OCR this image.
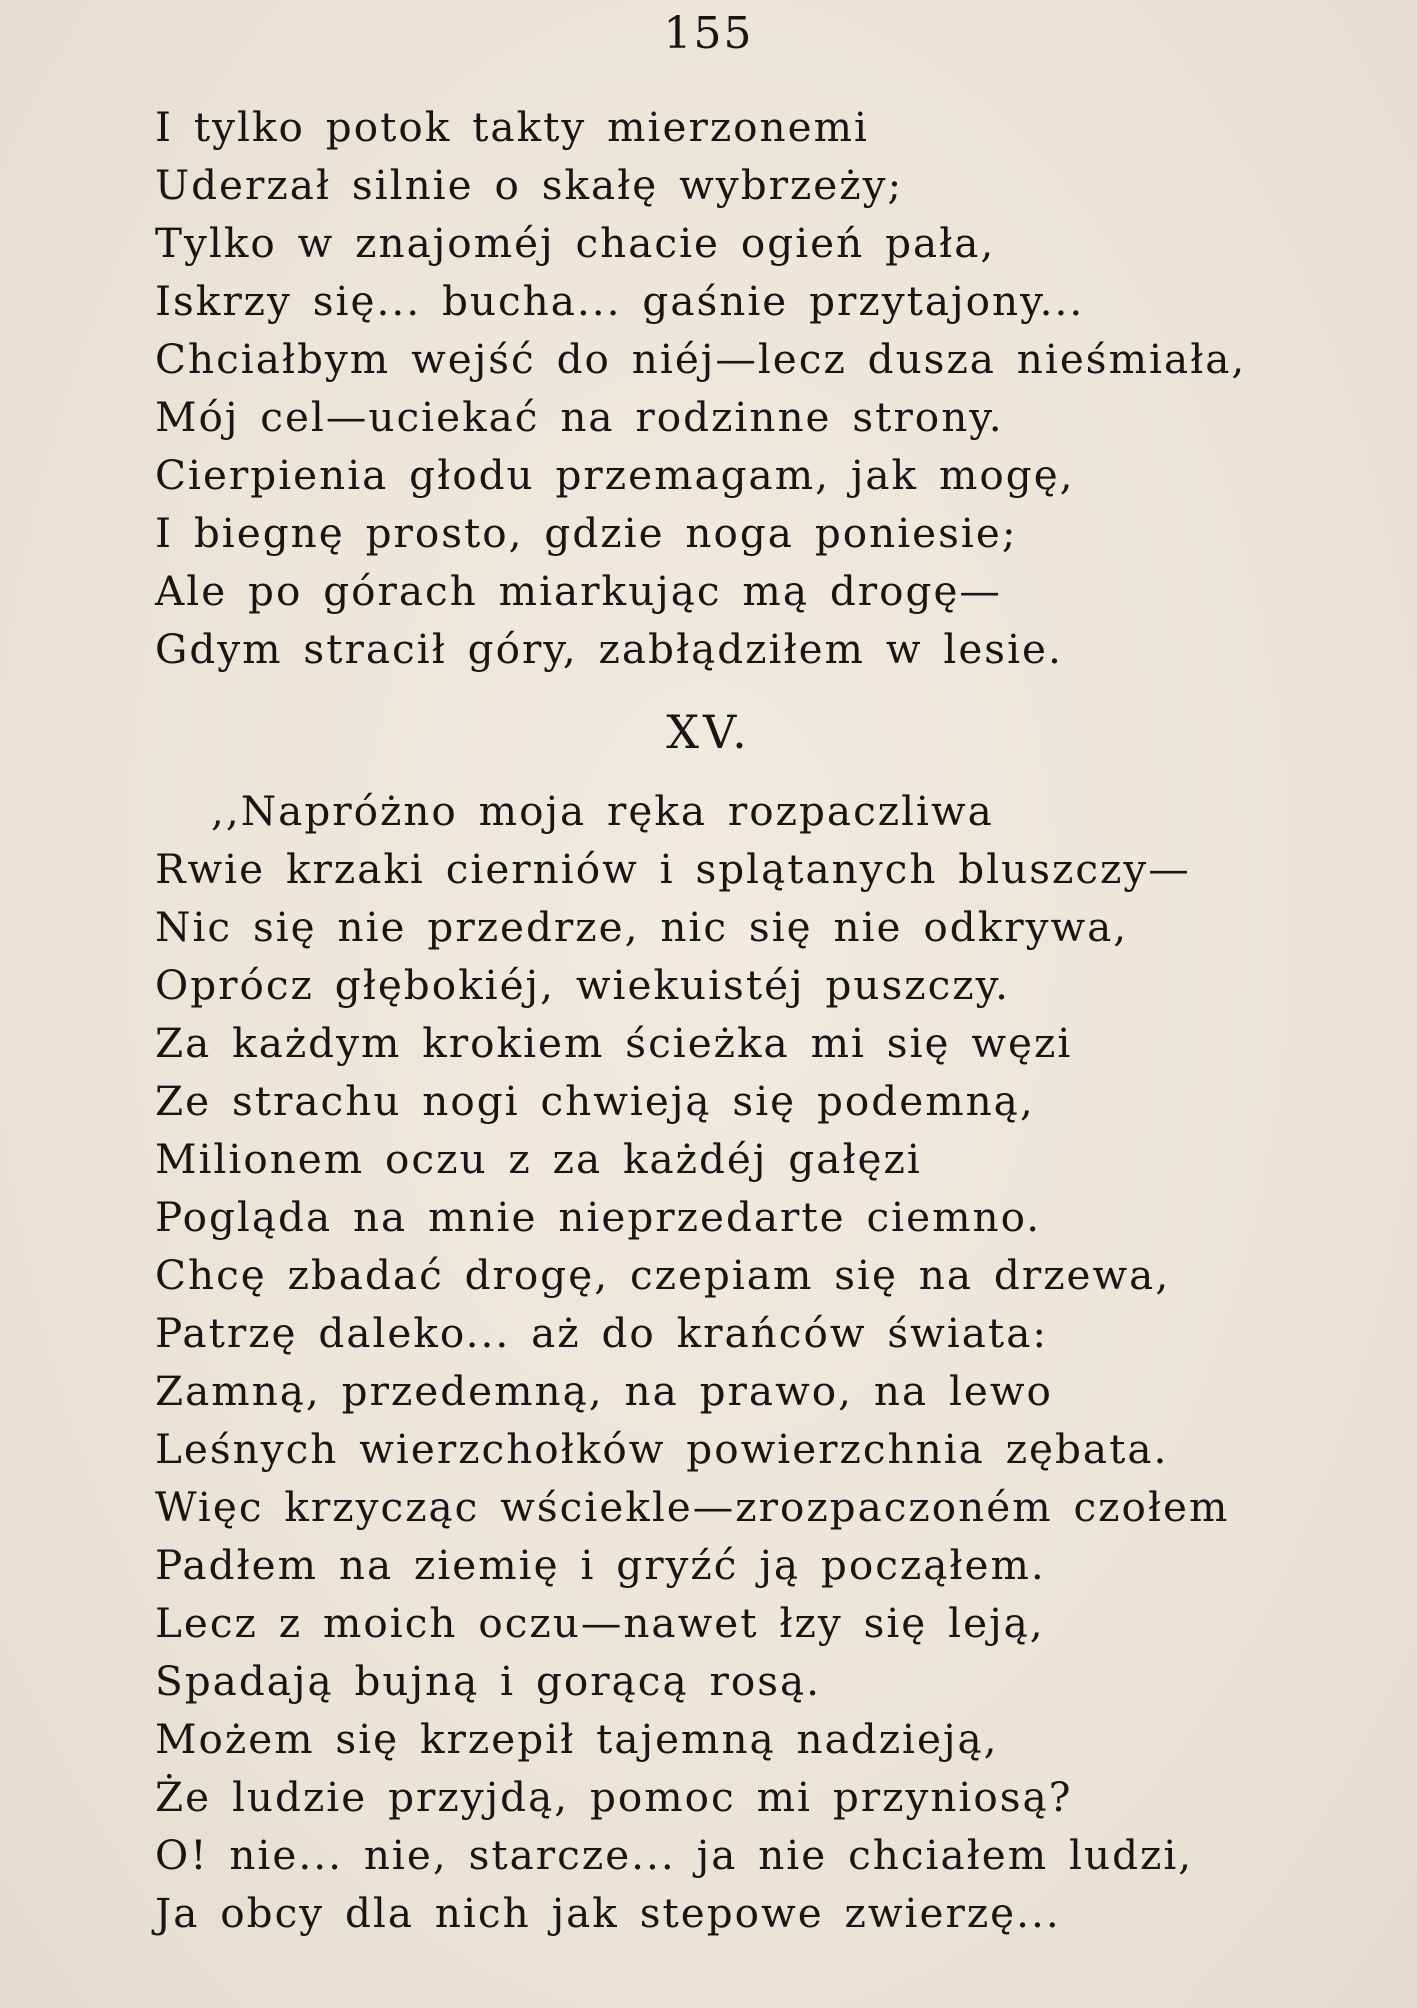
155
I tylko potok takty mierzonemi
Uderzał silnie o skałę wybrzeży;
Tylko w znajoméj chacie ogień pała,
Iskrzy się... bucha... gaśnie przytajony...
Chciałbym wejść do niéj—lecz dusza nieśmiała,
Mój cel—uciekać na rodzinne strony.
Cierpienia głodu przemagam, jak mogę,
I biegnę prosto, gdzie noga poniesie;
Ale po górach miarkując mą drogę—
Gdym stracił góry, zabłądziłem w lesie.
XV.
,,Napróżno moja ręka rozpaczliwa
Rwie krzaki cierniów i splątanych bluszczy—
Nic się nie przedrze, nic się nie odkrywa,
Oprócz głębokiéj, wiekuistéj puszczy.
Za każdym krokiem ścieżka mi się węzi
Ze strachu nogi chwieją się podemną,
Milionem oczu z za każdéj gałęzi
Pogląda na mnie nieprzedarte ciemno.
Chcę zbadać drogę, czepiam się na drzewa,
Patrzę daleko... aż do krańców świata:
Zamną, przedemną, na prawo, na lewo
Leśnych wierzchołków powierzchnia zębata.
Więc krzycząc wściekle—zrozpaczoném czołem
Padłem na ziemię i gryźć ją począłem.
Lecz z moich oczu—nawet łzy się leją,
Spadają bujną i gorącą rosą.
Możem się krzepił tajemną nadzieją,
Że ludzie przyjdą, pomoc mi przyniosą?
O! nie... nie, starcze... ja nie chciałem ludzi,
Ja obcy dla nich jak stepowe zwierzę...
